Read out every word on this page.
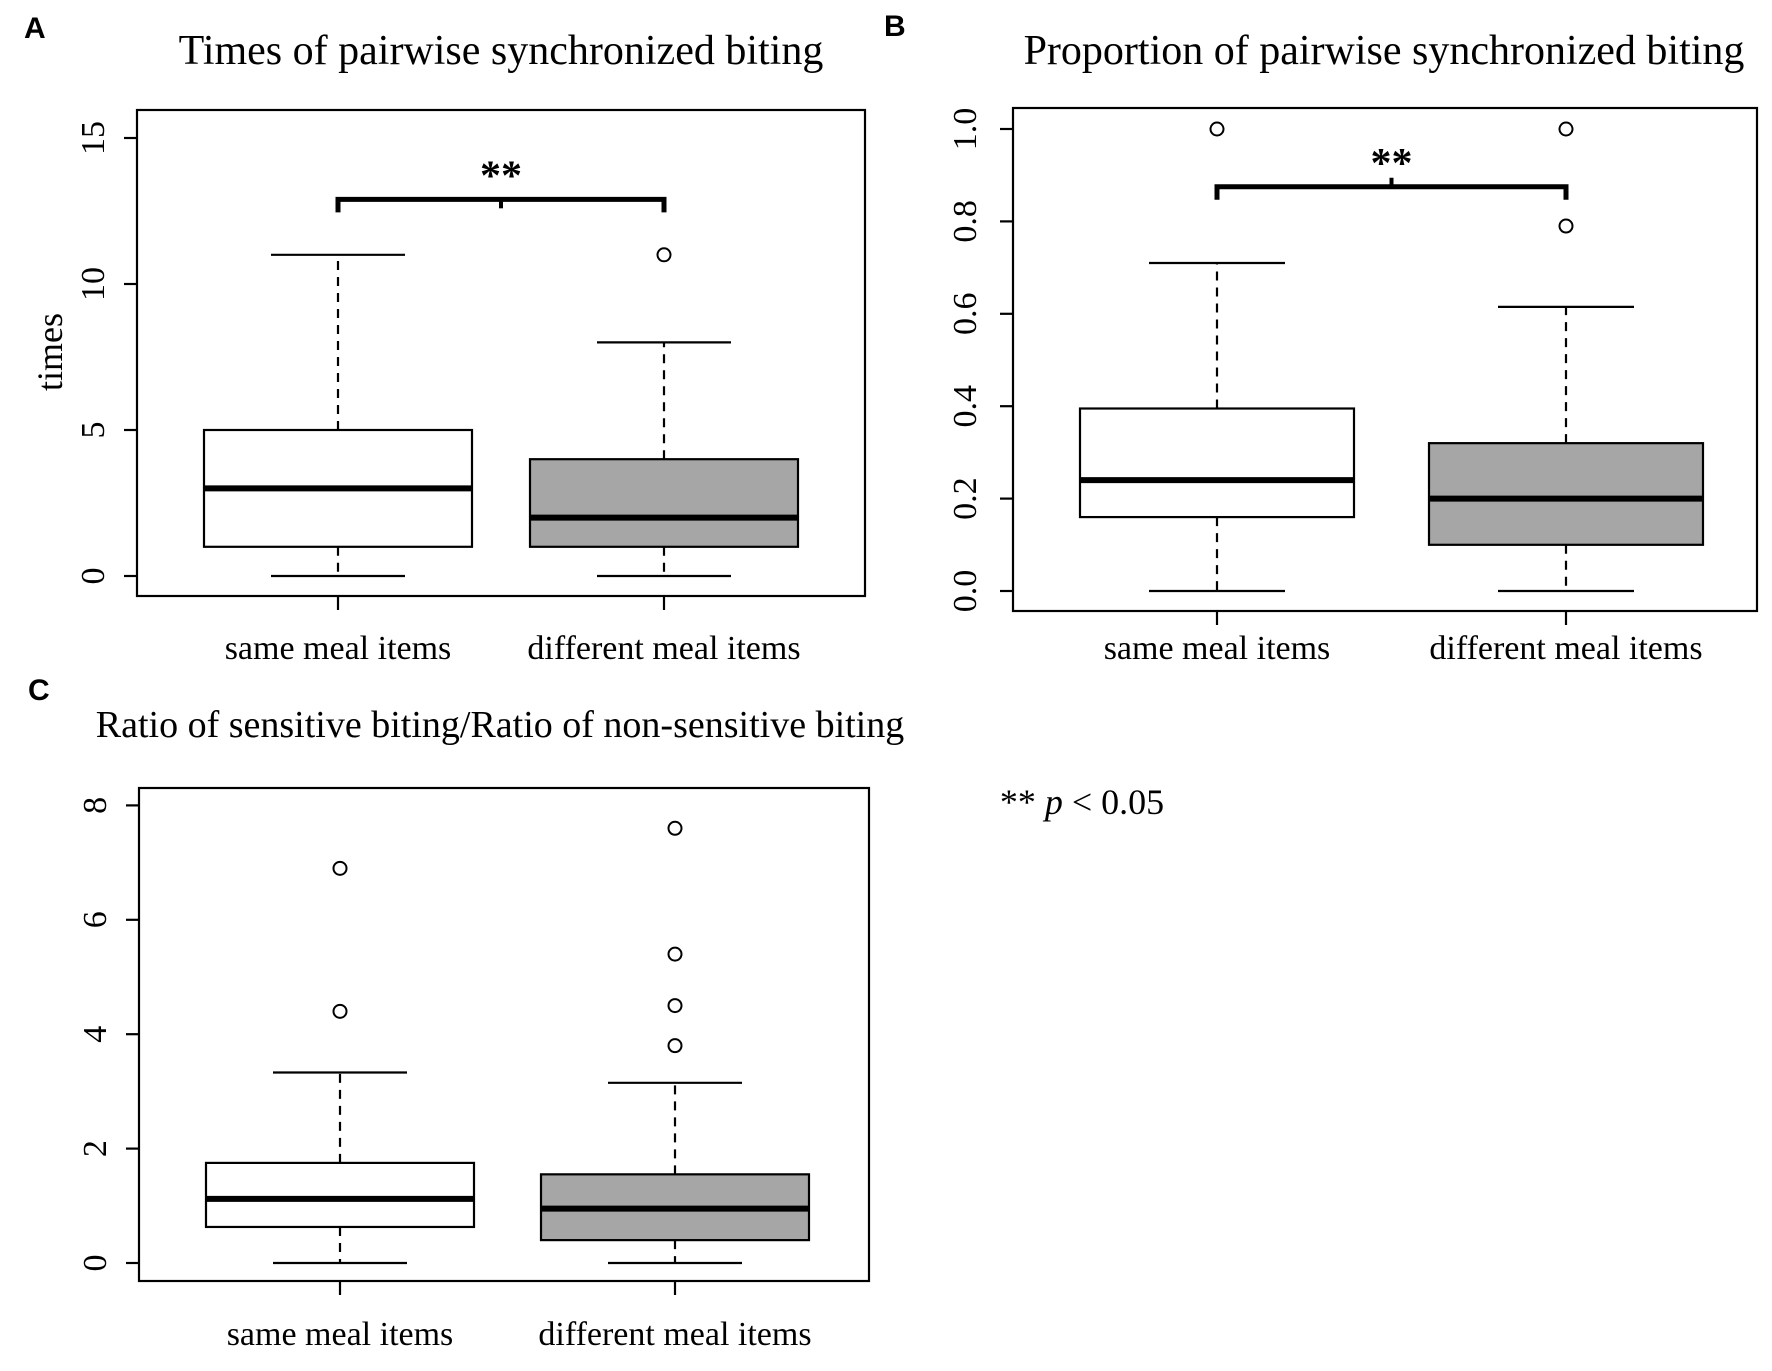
A	B
C
Times of pairwise synchronized biting	Proportion of pairwise synchronized biting
Ratio of sensitive biting/Ratio of non-sensitive biting
times
same meal items different meal items	same meal items	different meal items
same meal items	different meal items
** p < 0.05
0
5
10
15
**
0.0
0.2
0.4
0.6
0.8
1.0
**
0
2
4
6
8
